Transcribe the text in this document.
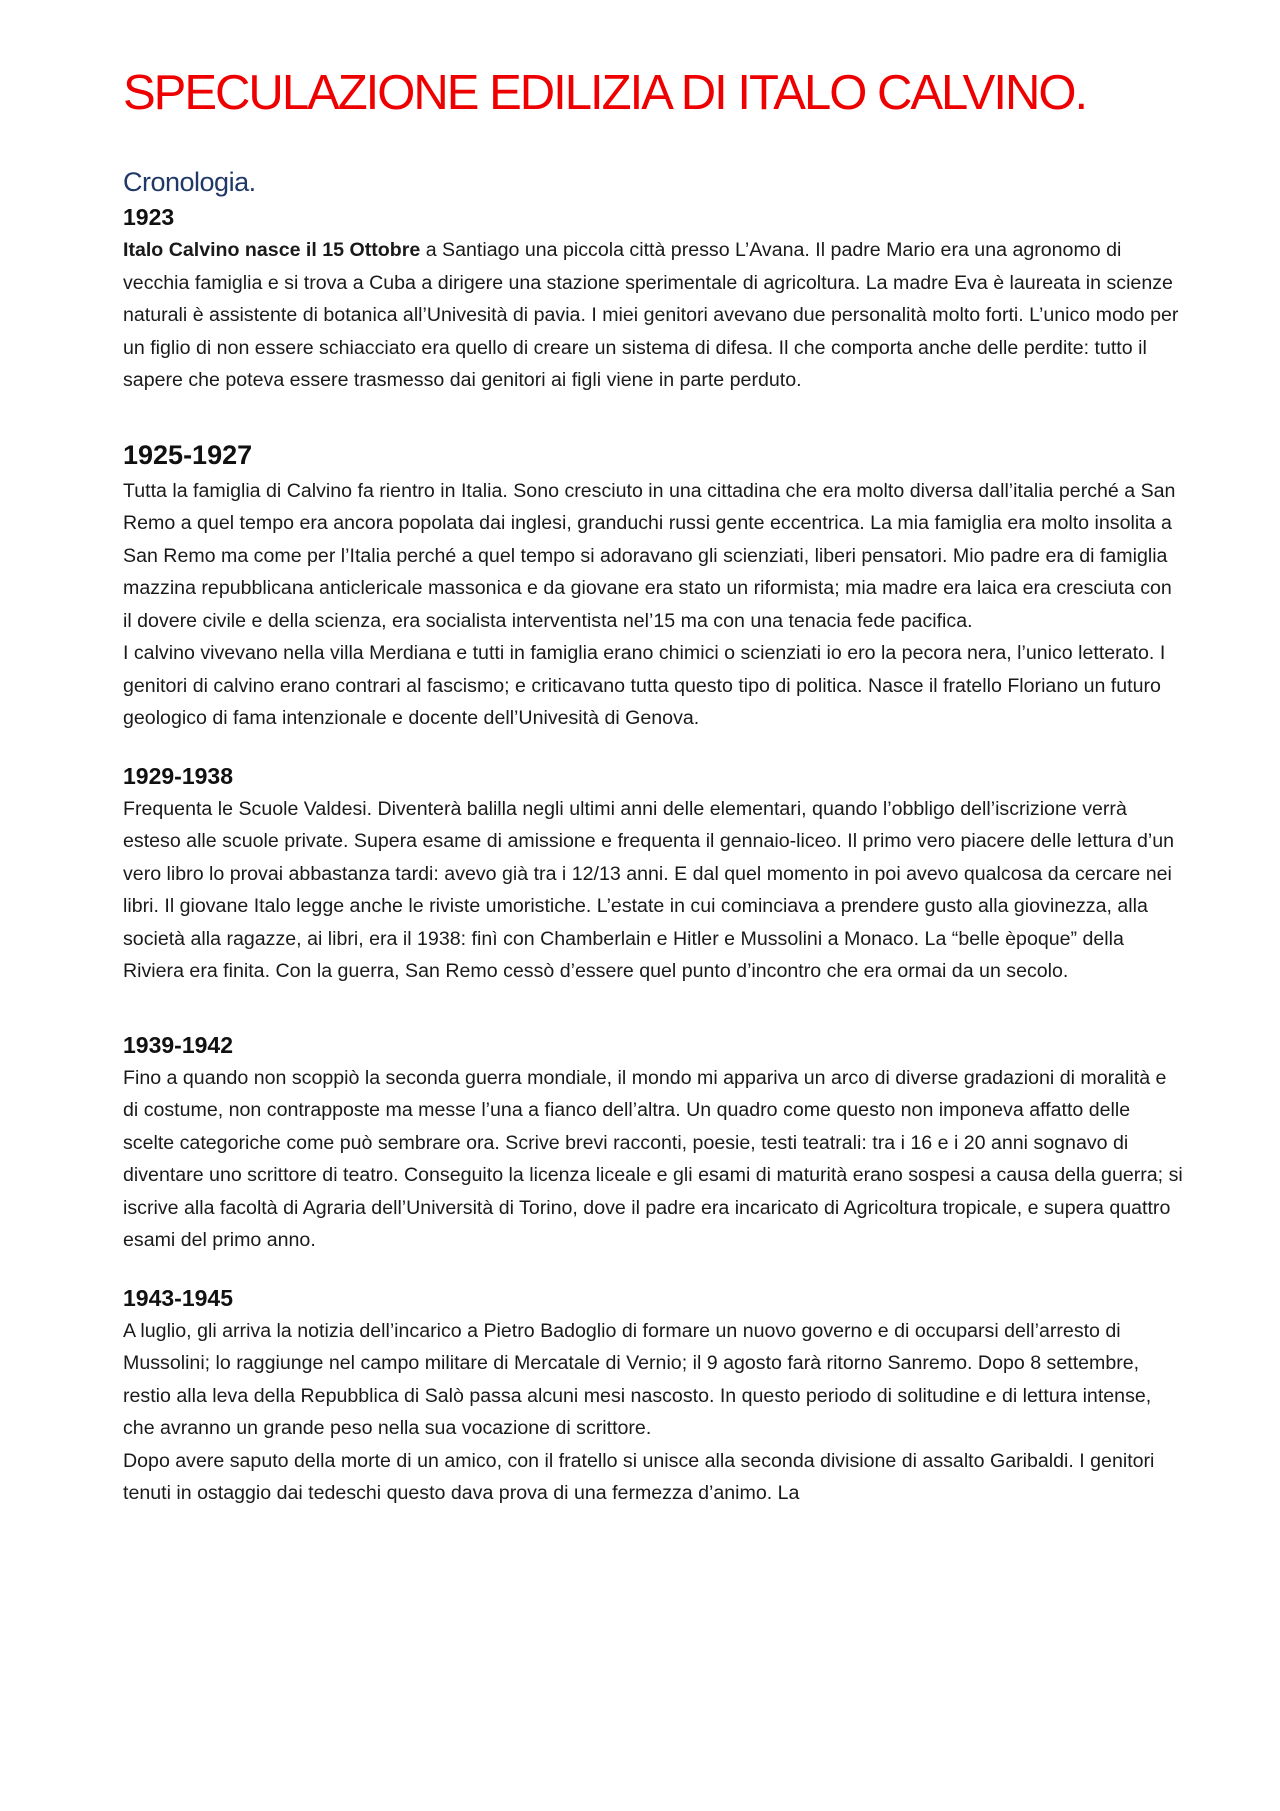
SPECULAZIONE EDILIZIA DI ITALO CALVINO.
Cronologia.

1923

Italo Calvino nasce il 15 Ottobre a Santiago una piccola città presso L’Avana. Il padre Mario era una agronomo di vecchia famiglia e si trova a Cuba a dirigere una stazione sperimentale di agricoltura. La madre Eva è laureata in scienze naturali è assistente di botanica all’Univesità di pavia. I miei genitori avevano due personalità molto forti. L’unico modo per un figlio di non essere schiacciato era quello di creare un sistema di difesa. Il che comporta anche delle perdite: tutto il sapere che poteva essere trasmesso dai genitori ai figli viene in parte perduto.

1925-1927

Tutta la famiglia di Calvino fa rientro in Italia. Sono cresciuto in una cittadina che era molto diversa dall’italia perché a San Remo a quel tempo era ancora popolata dai inglesi, granduchi russi gente eccentrica. La mia famiglia era molto insolita a San Remo ma come per l’Italia perché a quel tempo si adoravano gli scienziati, liberi pensatori. Mio padre era di famiglia mazzina repubblicana anticlericale massonica e da giovane era stato un riformista; mia madre era laica era cresciuta con il dovere civile e della scienza, era socialista interventista nel’15 ma con una tenacia fede pacifica.

I calvino vivevano nella villa Merdiana e tutti in famiglia erano chimici o scienziati io ero la pecora nera, l’unico letterato. I genitori di calvino erano contrari al fascismo; e criticavano tutta questo tipo di politica. Nasce il fratello Floriano un futuro geologico di fama intenzionale e docente dell’Univesità di Genova.

1929-1938

Frequenta le Scuole Valdesi. Diventerà balilla negli ultimi anni delle elementari, quando l’obbligo dell’iscrizione verrà esteso alle scuole private. Supera esame di amissione e frequenta il gennaio-liceo. Il primo vero piacere delle lettura d’un vero libro lo provai abbastanza tardi: avevo già tra i 12/13 anni. E dal quel momento in poi avevo qualcosa da cercare nei libri. Il giovane Italo legge anche le riviste umoristiche. L’estate in cui cominciava a prendere gusto alla giovinezza, alla società alla ragazze, ai libri, era il 1938: finì con Chamberlain e Hitler e Mussolini a Monaco. La “belle èpoque” della Riviera era finita. Con la guerra, San Remo cessò d’essere quel punto d’incontro che era ormai da un secolo.

1939-1942

Fino a quando non scoppiò la seconda guerra mondiale, il mondo mi appariva un arco di diverse gradazioni di moralità e di costume, non contrapposte ma messe l’una a fianco dell’altra. Un quadro come questo non imponeva affatto delle scelte categoriche come può sembrare ora. Scrive brevi racconti, poesie, testi teatrali: tra i 16 e i 20 anni sognavo di diventare uno scrittore di teatro. Conseguito la licenza liceale e gli esami di maturità erano sospesi a causa della guerra; si iscrive alla facoltà di Agraria dell’Università di Torino, dove il padre era incaricato di Agricoltura tropicale, e supera quattro esami del primo anno.

1943-1945

A luglio, gli arriva la notizia dell’incarico a Pietro Badoglio di formare un nuovo governo e di occuparsi dell’arresto di Mussolini; lo raggiunge nel campo militare di Mercatale di Vernio; il 9 agosto farà ritorno Sanremo. Dopo 8 settembre, restio alla leva della Repubblica di Salò passa alcuni mesi nascosto. In questo periodo di solitudine e di lettura intense, che avranno un grande peso nella sua vocazione di scrittore.

Dopo avere saputo della morte di un amico, con il fratello si unisce alla seconda divisione di assalto Garibaldi. I genitori tenuti in ostaggio dai tedeschi questo dava prova di una fermezza d’animo. La
